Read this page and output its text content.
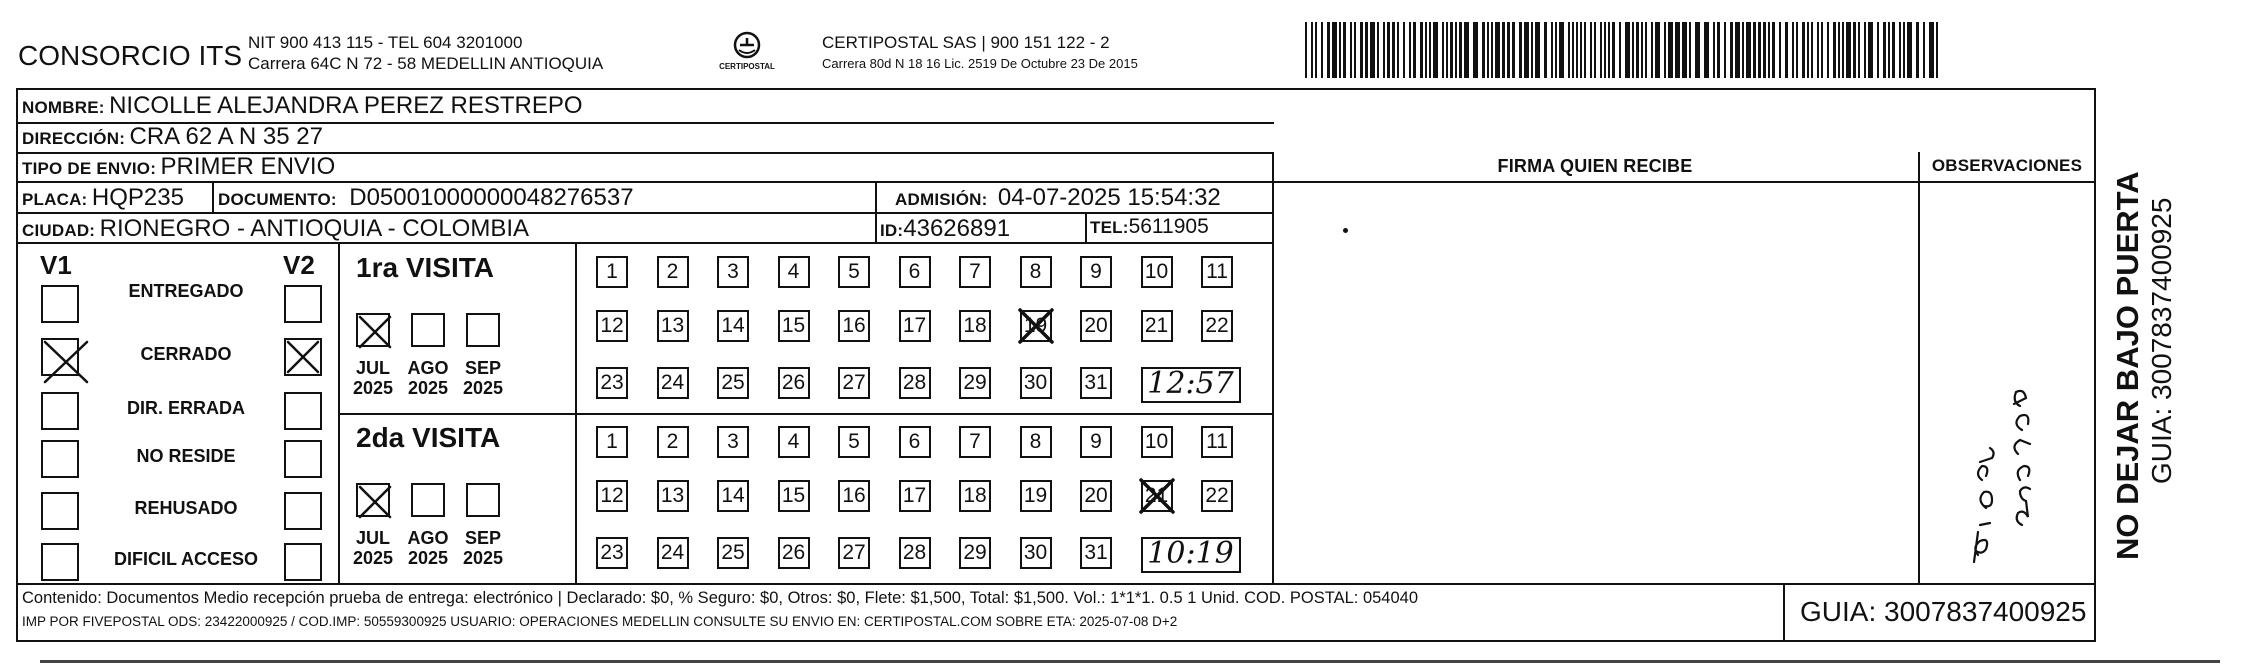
CONSORCIO ITS NIT 900 413 115 - TEL 604 3201000
Carrera 64C N 72 - 58 MEDELLIN ANTIOQUIA	CERTIPOSTAL
CERTIPOSTAL SAS | 900 151 122 - 2
Carrera 80d N 18 16 Lic. 2519 De Octubre 23 De 2015
NOMBRE: NICOLLE ALEJANDRA PEREZ RESTREPO
DIRECCIÓN: CRA 62 A N 35 27
TIPO DE ENVIO: PRIMER ENVIO
PLACA: HQP235 DOCUMENTO: D05001000000048276537	ADMISIÓN: 04-07-2025 15:54:32
CIUDAD: RIONEGRO - ANTIOQUIA - COLOMBIA	ID:43626891	TEL:5611905
FIRMA QUIEN RECIBE	OBSERVACIONES
V1	V2
ENTREGADO
CERRADO
DIR. ERRADA
NO RESIDE
REHUSADO
DIFICIL ACCESO
1ra VISITA
JUL
2025
AGO
2025
SEP
2025
1	2	3	4	5	6	7	8	9	10 11
12 13 14 15 16 17 18 19 20 21 22
23 24 25 26 27 28 29 30 31 12:57
2da VISITA
JUL
2025
AGO
2025
SEP
2025
1	2	3	4	5	6	7	8	9	10 11
12 13 14 15 16 17 18 19 20 21 22
23 24 25 26 27 28 29 30 31 10:19
Contenido: Documentos Medio recepción prueba de entrega: electrónico | Declarado: $0, % Seguro: $0, Otros: $0, Flete: $1,500, Total: $1,500. Vol.: 1*1*1. 0.5 1 Unid. COD. POSTAL: 054040
IMP POR FIVEPOSTAL ODS: 23422000925 / COD.IMP: 50559300925 USUARIO: OPERACIONES MEDELLIN CONSULTE SU ENVIO EN: CERTIPOSTAL.COM SOBRE ETA: 2025-07-08 D+2	GUIA: 3007837400925
NO DEJAR BAJO PUERTA GUIA: 3007837400925
